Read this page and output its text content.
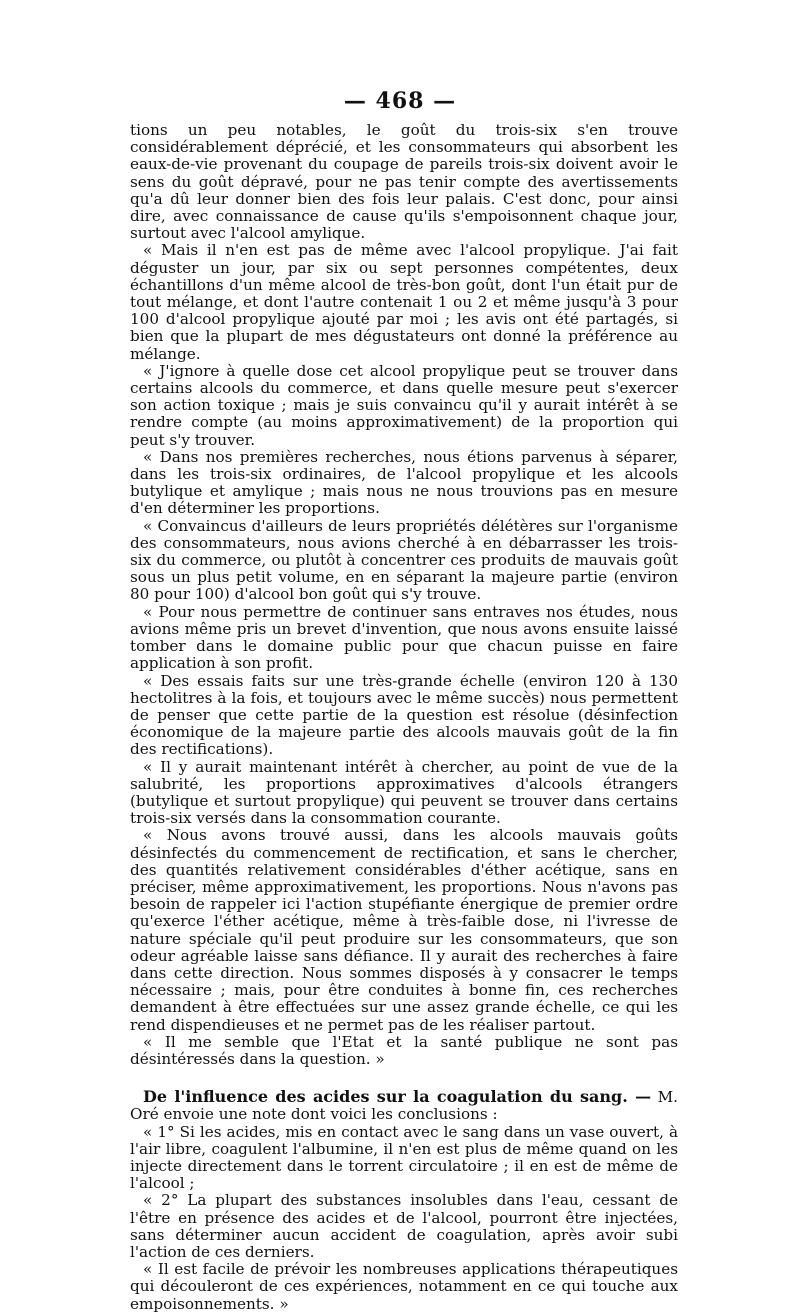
— 468 —

tions un peu notables, le goût du trois-six s'en trouve considérablement déprécié, et les consommateurs qui absorbent les eaux-de-vie provenant du coupage de pareils trois-six doivent avoir le sens du goût dépravé, pour ne pas tenir compte des avertissements qu'a dû leur donner bien des fois leur palais. C'est donc, pour ainsi dire, avec connaissance de cause qu'ils s'empoisonnent chaque jour, surtout avec l'alcool amylique.

« Mais il n'en est pas de même avec l'alcool propylique. J'ai fait déguster un jour, par six ou sept personnes compétentes, deux échantillons d'un même alcool de très-bon goût, dont l'un était pur de tout mélange, et dont l'autre contenait 1 ou 2 et même jusqu'à 3 pour 100 d'alcool propylique ajouté par moi ; les avis ont été partagés, si bien que la plupart de mes dégustateurs ont donné la préférence au mélange.

« J'ignore à quelle dose cet alcool propylique peut se trouver dans certains alcools du commerce, et dans quelle mesure peut s'exercer son action toxique ; mais je suis convaincu qu'il y aurait intérêt à se rendre compte (au moins approximativement) de la proportion qui peut s'y trouver.

« Dans nos premières recherches, nous étions parvenus à séparer, dans les trois-six ordinaires, de l'alcool propylique et les alcools butylique et amylique ; mais nous ne nous trouvions pas en mesure d'en déterminer les proportions.

« Convaincus d'ailleurs de leurs propriétés délétères sur l'organisme des consommateurs, nous avions cherché à en débarrasser les trois-six du commerce, ou plutôt à concentrer ces produits de mauvais goût sous un plus petit volume, en en séparant la majeure partie (environ 80 pour 100) d'alcool bon goût qui s'y trouve.

« Pour nous permettre de continuer sans entraves nos études, nous avions même pris un brevet d'invention, que nous avons ensuite laissé tomber dans le domaine public pour que chacun puisse en faire application à son profit.

« Des essais faits sur une très-grande échelle (environ 120 à 130 hectolitres à la fois, et toujours avec le même succès) nous permettent de penser que cette partie de la question est résolue (désinfection économique de la majeure partie des alcools mauvais goût de la fin des rectifications).

« Il y aurait maintenant intérêt à chercher, au point de vue de la salubrité, les proportions approximatives d'alcools étrangers (butylique et surtout propylique) qui peuvent se trouver dans certains trois-six versés dans la consommation courante.

« Nous avons trouvé aussi, dans les alcools mauvais goûts désinfectés du commencement de rectification, et sans le chercher, des quantités relativement considérables d'éther acétique, sans en préciser, même approximativement, les proportions. Nous n'avons pas besoin de rappeler ici l'action stupéfiante énergique de premier ordre qu'exerce l'éther acétique, même à très-faible dose, ni l'ivresse de nature spéciale qu'il peut produire sur les consommateurs, que son odeur agréable laisse sans défiance. Il y aurait des recherches à faire dans cette direction. Nous sommes disposés à y consacrer le temps nécessaire ; mais, pour être conduites à bonne fin, ces recherches demandent à être effectuées sur une assez grande échelle, ce qui les rend dispendieuses et ne permet pas de les réaliser partout.

« Il me semble que l'Etat et la santé publique ne sont pas désintéressés dans la question. »

De l'influence des acides sur la coagulation du sang. — M. Oré envoie une note dont voici les conclusions :

« 1° Si les acides, mis en contact avec le sang dans un vase ouvert, à l'air libre, coagulent l'albumine, il n'en est plus de même quand on les injecte directement dans le torrent circulatoire ; il en est de même de l'alcool ;

« 2° La plupart des substances insolubles dans l'eau, cessant de l'être en présence des acides et de l'alcool, pourront être injectées, sans déterminer aucun accident de coagulation, après avoir subi l'action de ces derniers.

« Il est facile de prévoir les nombreuses applications thérapeutiques qui découleront de ces expériences, notamment en ce qui touche aux empoisonnements. »
